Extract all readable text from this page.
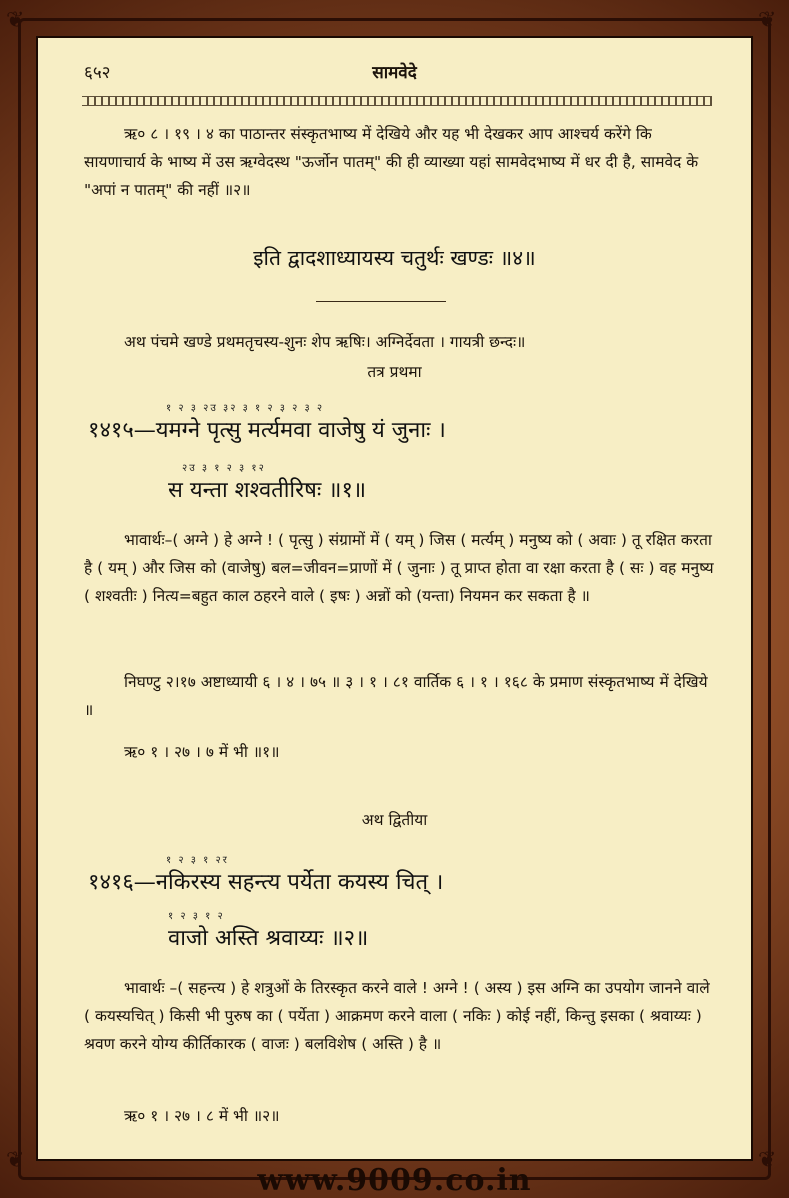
❦	❦
❦	❦
६५२	सामवेदे
ऋ० ८ । १९ । ४ का पाठान्तर संस्कृतभाष्य में देखिये और यह भी देखकर आप आश्चर्य करेंगे कि सायणाचार्य के भाष्य में उस ऋग्वेदस्थ "ऊर्जोन पातम्" की ही व्याख्या यहां सामवेदभाष्य में धर दी है, सामवेद के "अपां न पातम्" की नहीं ॥२॥
इति द्वादशाध्यायस्य चतुर्थः खण्डः ॥४॥
अथ पंचमे खण्डे प्रथमतृचस्य-शुनः शेप ऋषिः। अग्निर्देवता । गायत्री छन्दः॥
तत्र प्रथमा
१ २ ३ २उ ३२ ३ १ २ ३ २ ३ २
१४१५—यमग्ने पृत्सु मर्त्यमवा वाजेषु यं जुनाः ।
२उ ३ १ २ ३ १२
स यन्ता शश्वतीरिषः ॥१॥
भावार्थः–( अग्ने ) हे अग्ने ! ( पृत्सु ) संग्रामों में ( यम् ) जिस ( मर्त्यम् ) मनुष्य को ( अवाः ) तू रक्षित करता है ( यम् ) और जिस को (वाजेषु) बल=जीवन=प्राणों में ( जुनाः ) तू प्राप्त होता वा रक्षा करता है ( सः ) वह मनुष्य ( शश्वतीः ) नित्य=बहुत काल ठहरने वाले ( इषः ) अन्नों को (यन्ता) नियमन कर सकता है ॥
निघण्टु २।१७ अष्टाध्यायी ६ । ४ । ७५ ॥ ३ । १ । ८१ वार्तिक ६ । १ । १६८ के प्रमाण संस्कृतभाष्य में देखिये ॥
ऋ० १ । २७ । ७ में भी ॥१॥
अथ द्वितीया
१ २ ३ १ २र
१४१६—नकिरस्य सहन्त्य पर्येता कयस्य चित् ।
१ २ ३ १ २
वाजो अस्ति श्रवाय्यः ॥२॥
भावार्थः –( सहन्त्य ) हे शत्रुओं के तिरस्कृत करने वाले ! अग्ने ! ( अस्य ) इस अग्नि का उपयोग जानने वाले ( कयस्यचित् ) किसी भी पुरुष का ( पर्येता ) आक्रमण करने वाला ( नकिः ) कोई नहीं, किन्तु इसका ( श्रवाय्यः ) श्रवण करने योग्य कीर्तिकारक ( वाजः ) बलविशेष ( अस्ति ) है ॥
ऋ० १ । २७ । ८ में भी ॥२॥
www.9009.co.in
